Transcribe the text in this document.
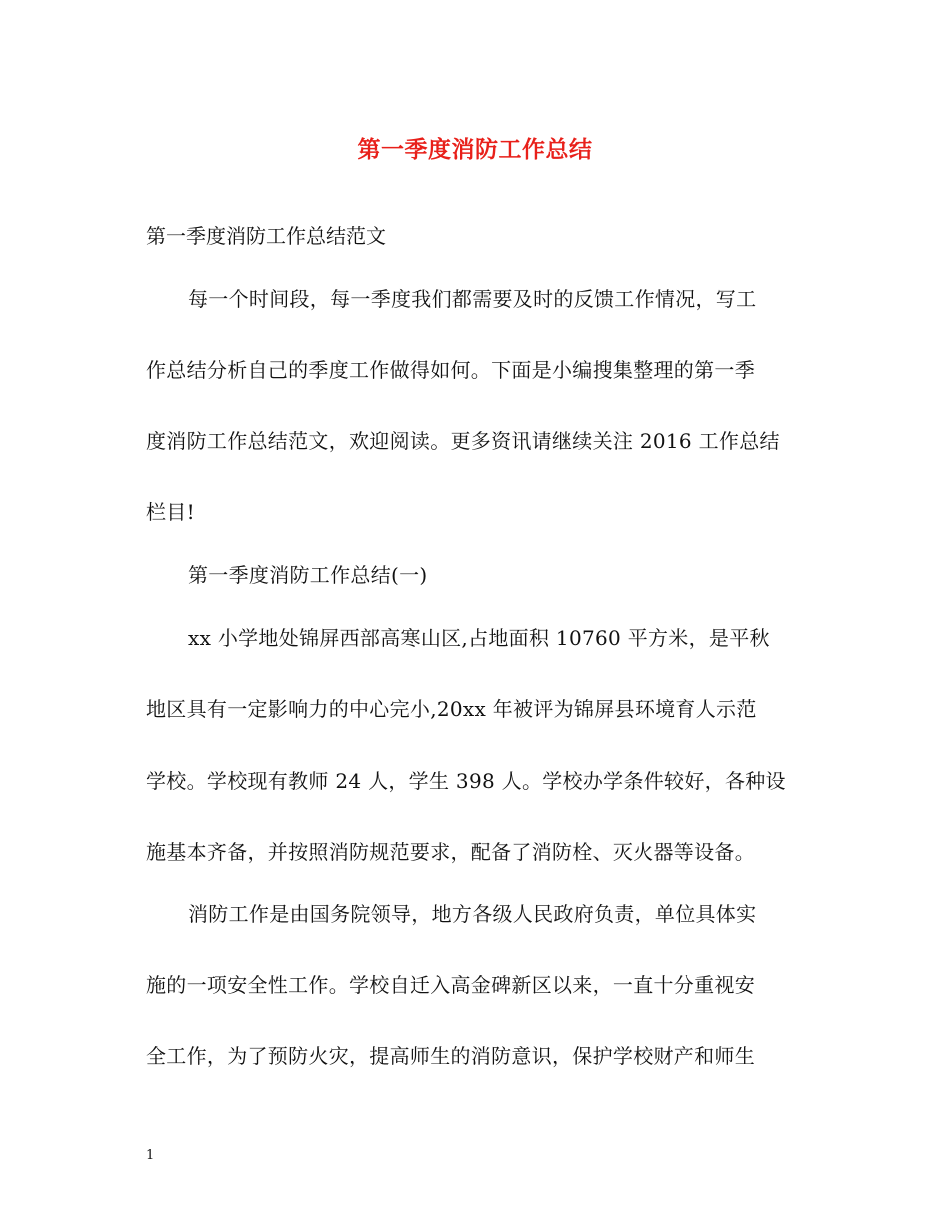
第一季度消防工作总结
第一季度消防工作总结范文
每一个时间段，每一季度我们都需要及时的反馈工作情况，写工
作总结分析自己的季度工作做得如何。下面是小编搜集整理的第一季
度消防工作总结范文，欢迎阅读。更多资讯请继续关注 2016 工作总结
栏目!
第一季度消防工作总结(一)
xx 小学地处锦屏西部高寒山区,占地面积 10760 平方米，是平秋
地区具有一定影响力的中心完小,20xx 年被评为锦屏县环境育人示范
学校。学校现有教师 24 人，学生 398 人。学校办学条件较好，各种设
施基本齐备，并按照消防规范要求，配备了消防栓、灭火器等设备。
消防工作是由国务院领导，地方各级人民政府负责，单位具体实
施的一项安全性工作。学校自迁入高金碑新区以来，一直十分重视安
全工作，为了预防火灾，提高师生的消防意识，保护学校财产和师生
1
